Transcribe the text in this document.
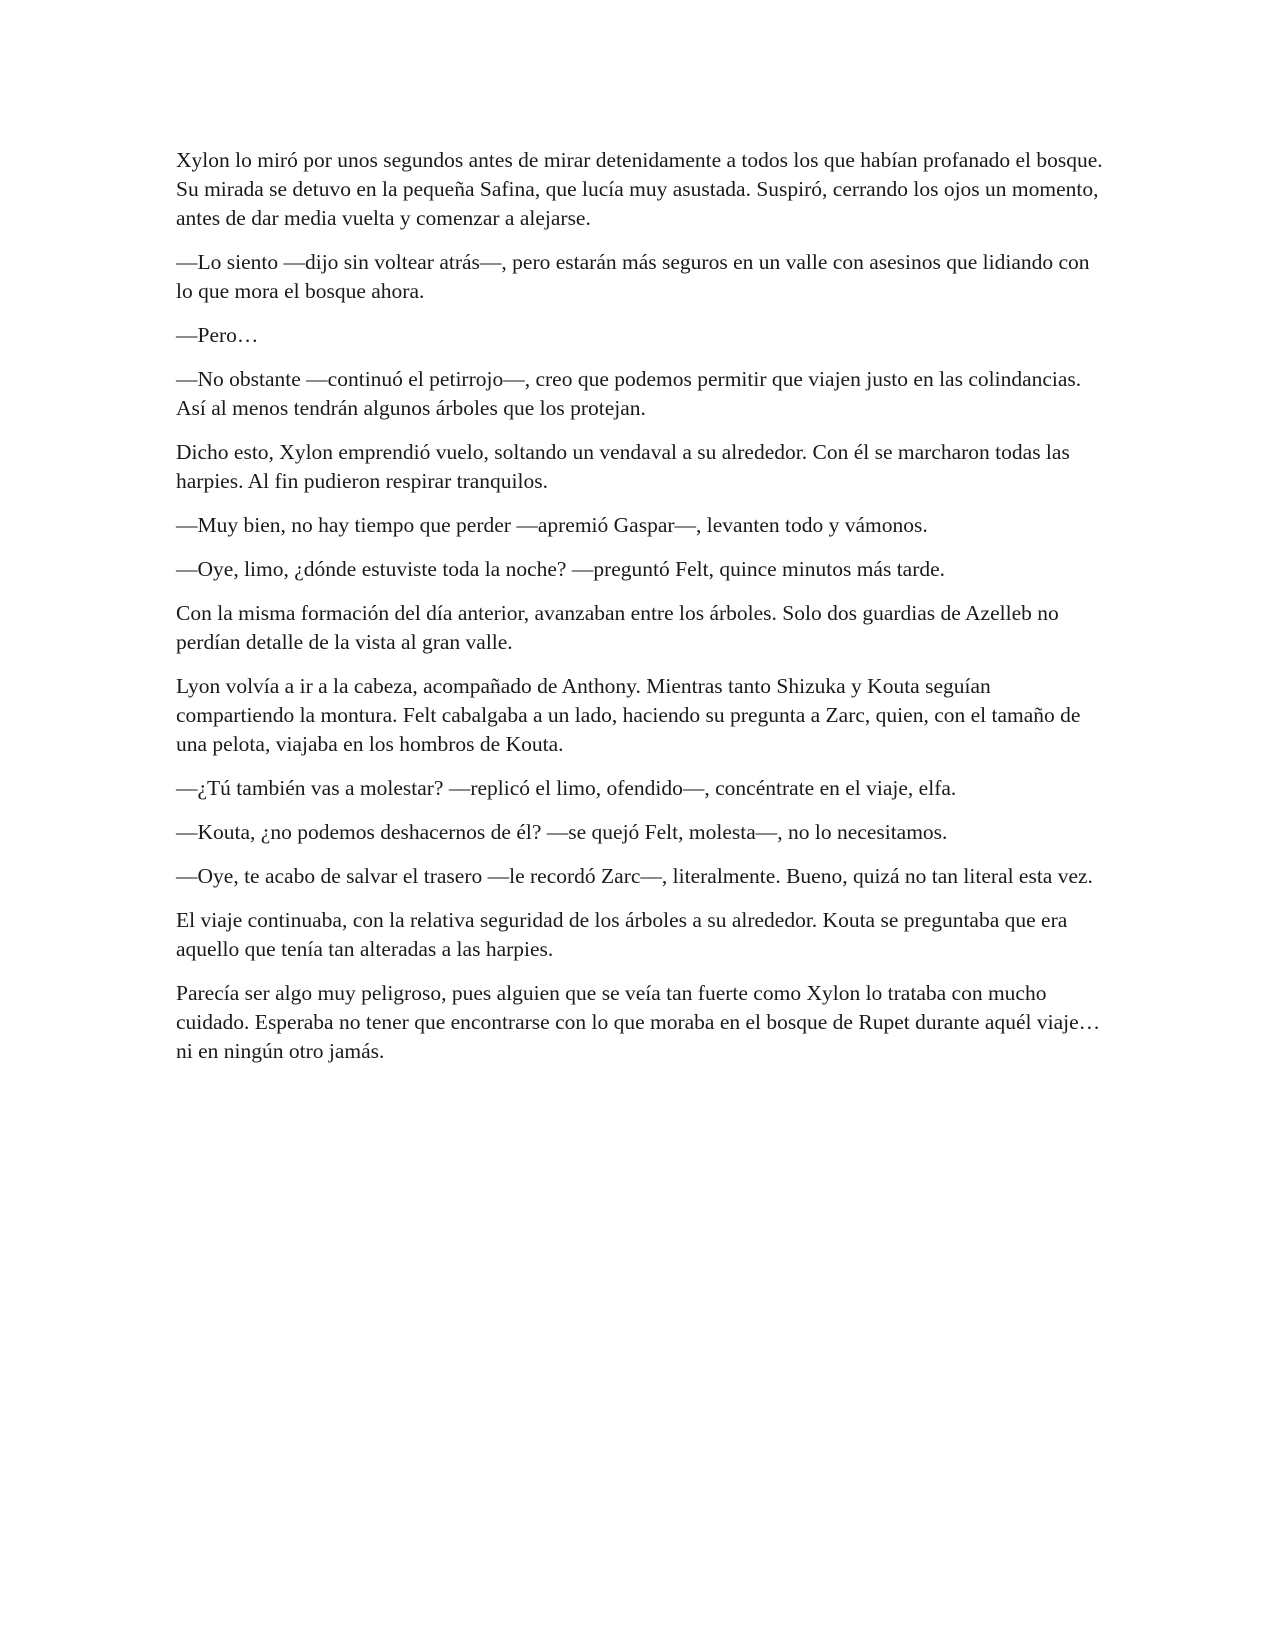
Xylon lo miró por unos segundos antes de mirar detenidamente a todos los que habían profanado el bosque. Su mirada se detuvo en la pequeña Safina, que lucía muy asustada. Suspiró, cerrando los ojos un momento, antes de dar media vuelta y comenzar a alejarse.

—Lo siento —dijo sin voltear atrás—, pero estarán más seguros en un valle con asesinos que lidiando con lo que mora el bosque ahora.

—Pero…

—No obstante —continuó el petirrojo—, creo que podemos permitir que viajen justo en las colindancias. Así al menos tendrán algunos árboles que los protejan.

Dicho esto, Xylon emprendió vuelo, soltando un vendaval a su alrededor. Con él se marcharon todas las harpies. Al fin pudieron respirar tranquilos.

—Muy bien, no hay tiempo que perder —apremió Gaspar—, levanten todo y vámonos.

—Oye, limo, ¿dónde estuviste toda la noche? —preguntó Felt, quince minutos más tarde.

Con la misma formación del día anterior, avanzaban entre los árboles. Solo dos guardias de Azelleb no perdían detalle de la vista al gran valle.

Lyon volvía a ir a la cabeza, acompañado de Anthony. Mientras tanto Shizuka y Kouta seguían compartiendo la montura. Felt cabalgaba a un lado, haciendo su pregunta a Zarc, quien, con el tamaño de una pelota, viajaba en los hombros de Kouta.

—¿Tú también vas a molestar? —replicó el limo, ofendido—, concéntrate en el viaje, elfa.

—Kouta, ¿no podemos deshacernos de él? —se quejó Felt, molesta—, no lo necesitamos.

—Oye, te acabo de salvar el trasero —le recordó Zarc—, literalmente. Bueno, quizá no tan literal esta vez.

El viaje continuaba, con la relativa seguridad de los árboles a su alrededor. Kouta se preguntaba que era aquello que tenía tan alteradas a las harpies.

Parecía ser algo muy peligroso, pues alguien que se veía tan fuerte como Xylon lo trataba con mucho cuidado. Esperaba no tener que encontrarse con lo que moraba en el bosque de Rupet durante aquél viaje… ni en ningún otro jamás.
